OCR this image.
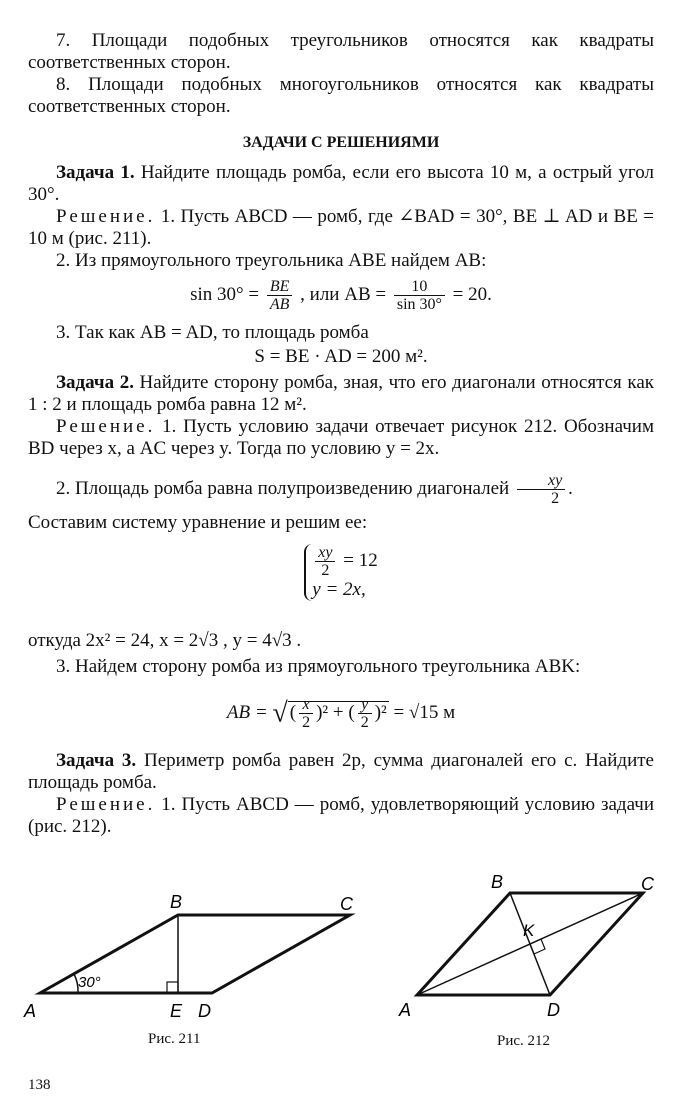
7. Площади подобных треугольников относятся как квадраты соответственных сторон.

8. Площади подобных многоугольников относятся как квадраты соответственных сторон.

ЗАДАЧИ С РЕШЕНИЯМИ

Задача 1. Найдите площадь ромба, если его высота 10 м, а острый угол 30°.

Решение. 1. Пусть ABCD — ромб, где ∠BAD = 30°, BE ⊥ AD и BE = 10 м (рис. 211).

2. Из прямоугольного треугольника ABE найдем AB:

$\sin 30^\circ = \frac{BE}{AB}$ , или AB = $\frac{10}{\sin 30^\circ} = 20$.

3. Так как AB = AD, то площадь ромба

S = BE · AD = 200 м².

Задача 2. Найдите сторону ромба, зная, что его диагонали относятся как 1 : 2 и площадь ромба равна 12 м².

Решение. 1. Пусть условию задачи отвечает рисунок 212. Обозначим BD через x, а AC через y. Тогда по условию y = 2x.

2. Площадь ромба равна полупроизведению диагоналей $\frac{xy}{2}$ .

Составим систему уравнение и решим ее:

$\frac{xy}{2} = 12$
y = 2x,

откуда 2x² = 24, x = 2√3 , y = 4√3 .

3. Найдем сторону ромба из прямоугольного треугольника ABK:

AB = √ ( $\frac{x}{2} )^2$ + ( $\frac{y}{2} )^2 = √15$ м

Задача 3. Периметр ромба равен 2p, сумма диагоналей его c. Найдите площадь ромба.

Решение. 1. Пусть ABCD — ромб, удовлетворяющий условию задачи (рис. 212).

30°
A
B	C
D
E
Рис. 211
A
B	C
D
K
Рис. 212
138
